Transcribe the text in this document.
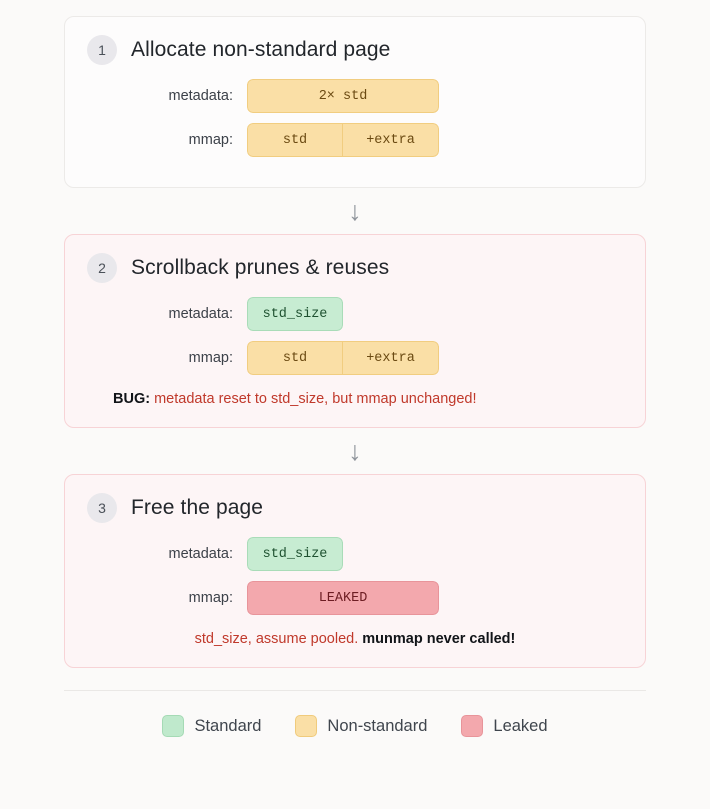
1	Allocate non-standard page
metadata:	2× std
mmap:	std	+extra
↓
2	Scrollback prunes & reuses
metadata:	std_size
mmap:	std	+extra
BUG: metadata reset to std_size, but mmap unchanged!
↓
3	Free the page
metadata:	std_size
mmap:	LEAKED
std_size, assume pooled. munmap never called!
Standard	Non-standard	Leaked
